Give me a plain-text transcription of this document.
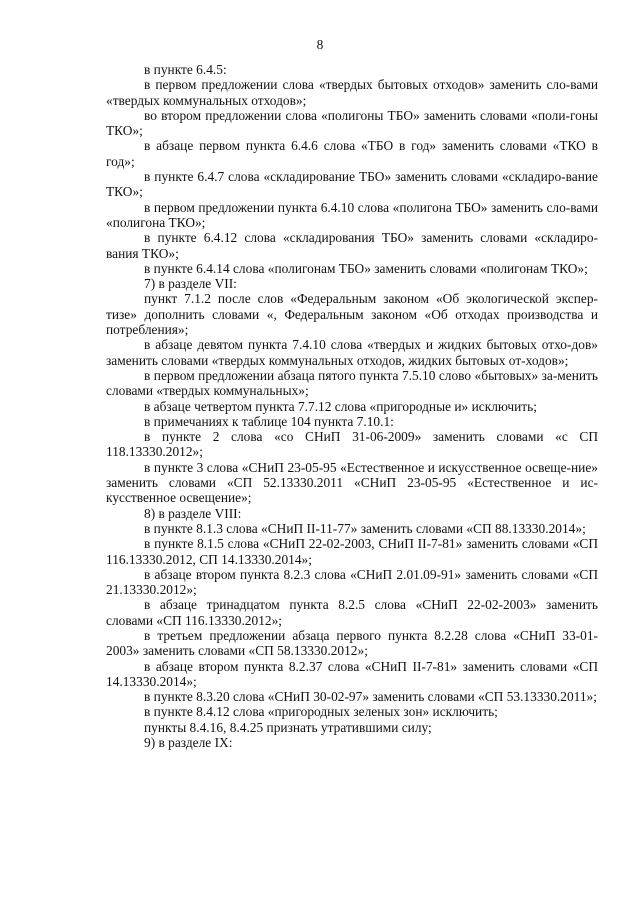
8

в пункте 6.4.5:

в первом предложении слова «твердых бытовых отходов» заменить сло-вами «твердых коммунальных отходов»;

во втором предложении слова «полигоны ТБО» заменить словами «поли-гоны ТКО»;

в абзаце первом пункта 6.4.6 слова «ТБО в год» заменить словами «ТКО в год»;

в пункте 6.4.7 слова «складирование ТБО» заменить словами «складиро-вание ТКО»;

в первом предложении пункта 6.4.10 слова «полигона ТБО» заменить сло-вами «полигона ТКО»;

в пункте 6.4.12 слова «складирования ТБО» заменить словами «складиро-вания ТКО»;

в пункте 6.4.14 слова «полигонам ТБО» заменить словами «полигонам ТКО»;

7) в разделе VII:

пункт 7.1.2 после слов «Федеральным законом «Об экологической экспер-тизе» дополнить словами «, Федеральным законом «Об отходах производства и потребления»;

в абзаце девятом пункта 7.4.10 слова «твердых и жидких бытовых отхо-дов» заменить словами «твердых коммунальных отходов, жидких бытовых от-ходов»;

в первом предложении абзаца пятого пункта 7.5.10 слово «бытовых» за-менить словами «твердых коммунальных»;

в абзаце четвертом пункта 7.7.12 слова «пригородные и» исключить;

в примечаниях к таблице 104 пункта 7.10.1:

в пункте 2 слова «со СНиП 31-06-2009» заменить словами «с СП 118.13330.2012»;

в пункте 3 слова «СНиП 23-05-95 «Естественное и искусственное освеще-ние» заменить словами «СП 52.13330.2011 «СНиП 23-05-95 «Естественное и ис-кусственное освещение»;

8) в разделе VIII:

в пункте 8.1.3 слова «СНиП II-11-77» заменить словами «СП 88.13330.2014»;

в пункте 8.1.5 слова «СНиП 22-02-2003, СНиП II-7-81» заменить словами «СП 116.13330.2012, СП 14.13330.2014»;

в абзаце втором пункта 8.2.3 слова «СНиП 2.01.09-91» заменить словами «СП 21.13330.2012»;

в абзаце тринадцатом пункта 8.2.5 слова «СНиП 22-02-2003» заменить словами «СП 116.13330.2012»;

в третьем предложении абзаца первого пункта 8.2.28 слова «СНиП 33-01-2003» заменить словами «СП 58.13330.2012»;

в абзаце втором пункта 8.2.37 слова «СНиП II-7-81» заменить словами «СП 14.13330.2014»;

в пункте 8.3.20 слова «СНиП 30-02-97» заменить словами «СП 53.13330.2011»;

в пункте 8.4.12 слова «пригородных зеленых зон» исключить;

пункты 8.4.16, 8.4.25 признать утратившими силу;

9) в разделе IX:
